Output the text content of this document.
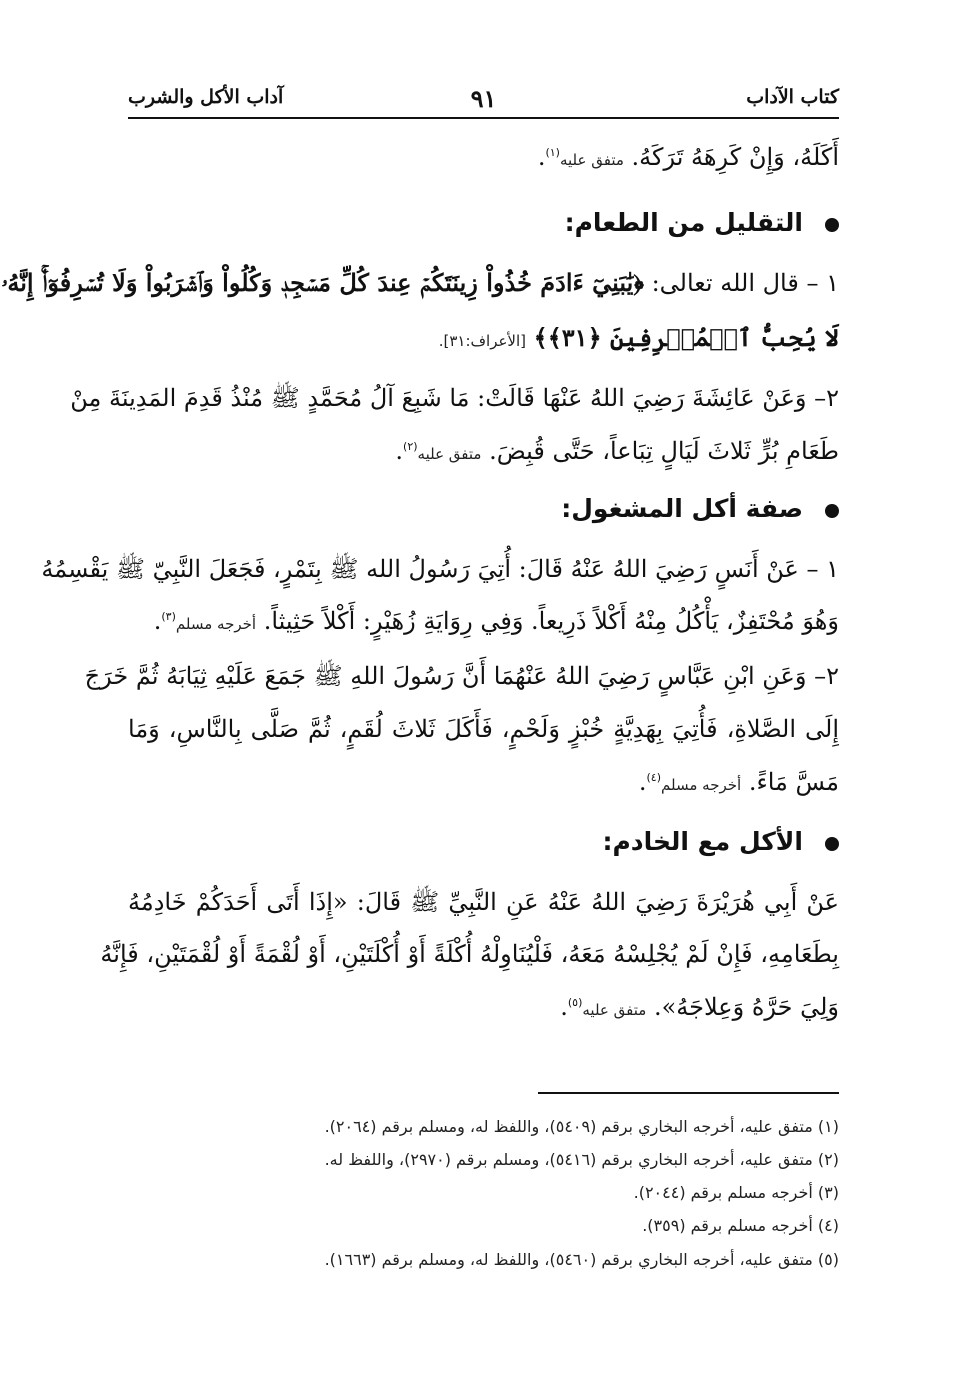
كتاب الآداب
٩١
آداب الأكل والشرب
أَكَلَهُ، وَإِنْ كَرِهَهُ تَرَكَهُ. متفق عليه$^{(١)}$.
التقليل من الطعام:
١ – قال الله تعالى: ﴿يَٰبَنِيٓ ءَادَمَ خُذُواْ زِينَتَكُمۡ عِندَ كُلِّ مَسۡجِدٖ وَكُلُواْ وَٱشۡرَبُواْ وَلَا تُسۡرِفُوٓاْۚ إِنَّهُۥ
لَا يُحِبُّ ٱلۡمُسۡرِفِينَ ﴿٣١﴾﴾ [الأعراف:٣١].
٢– وَعَنْ عَائِشَةَ رَضِيَ اللهُ عَنْهَا قَالَتْ: مَا شَبِعَ آلُ مُحَمَّدٍ ﷺ مُنْذُ قَدِمَ المَدِينَةَ مِنْ
طَعَامِ بُرٍّ ثَلاثَ لَيَالٍ تِبَاعاً، حَتَّى قُبِضَ. متفق عليه$^{(٢)}$.
صفة أكل المشغول:
١ – عَنْ أَنَسٍ رَضِيَ اللهُ عَنْهُ قَالَ: أُتِيَ رَسُولُ الله ﷺ بِتَمْرٍ، فَجَعَلَ النَّبِيّ ﷺ يَقْسِمُهُ
وَهُوَ مُحْتَفِزٌ، يَأْكُلُ مِنْهُ أَكْلاً ذَرِيعاً. وَفِي رِوَايَةِ زُهَيْرٍ: أَكْلاً حَثِيثاً. أخرجه مسلم$^{(٣)}$.
٢– وَعَنِ ابْنِ عَبَّاسٍ رَضِيَ اللهُ عَنْهُمَا أَنَّ رَسُولَ اللهِ ﷺ جَمَعَ عَلَيْهِ ثِيَابَهُ ثُمَّ خَرَجَ
إِلَى الصَّلاةِ، فَأُتِيَ بِهَدِيَّةٍ خُبْزٍ وَلَحْمٍ، فَأَكَلَ ثَلاثَ لُقَمٍ، ثُمَّ صَلَّى بِالنَّاسِ، وَمَا
مَسَّ مَاءً. أخرجه مسلم$^{(٤)}$.
الأكل مع الخادم:
عَنْ أَبِي هُرَيْرَةَ رَضِيَ اللهُ عَنْهُ عَنِ النَّبِيِّ ﷺ قَالَ: «إِذَا أَتَى أَحَدَكُمْ خَادِمُهُ
بِطَعَامِهِ، فَإِنْ لَمْ يُجْلِسْهُ مَعَهُ، فَلْيُنَاوِلْهُ أُكْلَةً أَوْ أُكْلَتَيْنِ، أَوْ لُقْمَةً أَوْ لُقْمَتَيْنِ، فَإِنَّهُ
وَلِيَ حَرَّهُ وَعِلاجَهُ». متفق عليه$^{(٥)}$.
(١) متفق عليه، أخرجه البخاري برقم (٥٤٠٩)، واللفظ له، ومسلم برقم (٢٠٦٤).
(٢) متفق عليه، أخرجه البخاري برقم (٥٤١٦)، ومسلم برقم (٢٩٧٠)، واللفظ له.
(٣) أخرجه مسلم برقم (٢٠٤٤).
(٤) أخرجه مسلم برقم (٣٥٩).
(٥) متفق عليه، أخرجه البخاري برقم (٥٤٦٠)، واللفظ له، ومسلم برقم (١٦٦٣).
